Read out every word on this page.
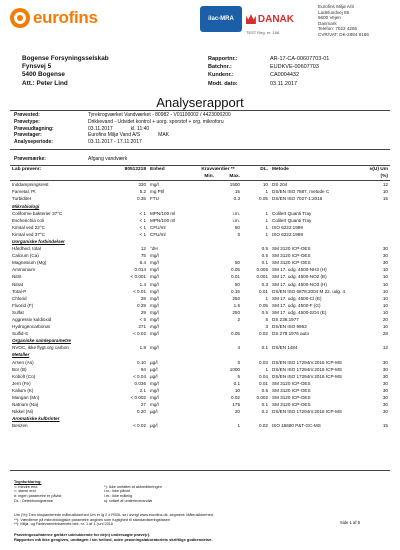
eurofins	ilac-MRA	DANAK
TEST Reg. nr. 168
Eurofins Miljø A/S
Ladelundvej 85
6600 Vejen
Danmark
Telefon: 7022 4266
CVR/VAT: DK-2884 8186
Bogense Forsyningsselskab
Fynsvej 5
5400 Bogense
Att.: Peter Lind
Rapportnr.:	AR-17-CA-00607703-01
Batchnr.:	EUDKVE-00607703
Kundenr.:	CA0004432
Modt. dato:	03.11.2017
Analyserapport
Prøvested:	Tyrekrogværket Vandværket - 80982 - V01100002 / 4423000200
Prøvetype:	Drikkevand - Udvidet kontrol + uorg. sporstof + org. mikroforu
Prøveudtagning:	03.11.2017	kl. 11:40
Prøvetager:	Eurofins Miljø Vand A/S	MAK
Analyseperiode:	03.11.2017 - 17.11.2017
Prøvemærke:	Afgang vandværk
Lab prøvenr:	80512218	Enhed	Kravværdier **		DL.	Metode	±(U) Um
			Min.	Max.			(%)
Inddampningsrest	330	mg/l		1500	10	DS 204	12
Farvetal, Pt	5.2	mg Pt/l		15	1	DS/EN ISO 7887, metode C	10
Turbiditet	0.35	FTU		0.3	0.05	DS/EN ISO 7027-1:2016	15
Mikrobiologi							
Coliforme bakterier 37°C	< 1	MPN/100 ml		i.m.	1	Colilert Quanti Tray	
Escherichia coli	< 1	MPN/100 ml		i.m.	1	Colilert Quanti Tray	
Kimtal ved 22°C	< 1	CFU/ml		50	1	ISO 6222:1999	
Kimtal ved 37°C	< 1	CFU/ml		5	1	ISO 6222:1999	
Uorganiske forbindelser							
Hårdhed, total	12	°dH			0.5	SM 3120 ICP-OES	30
Calcium (Ca)	75	mg/l			0.5	SM 3120 ICP-OES	30
Magnesium (Mg)	6.4	mg/l		50	0.1	SM 3120 ICP-OES	30
Ammonium	0.014	mg/l		0.05	0.005	SM 17. udg. 4500-NH3 (H)	10
Nitrit	< 0.001	mg/l		0.01	0.001	SM 17. udg. 4500-NO2 (B)	10
Nitrat	1.4	mg/l		50	0.3	SM 17. udg. 4500-NO3 (H)	10
Total-P	< 0.01	mg/l		0.15	0.01	DS/EN ISO 6878:2004 M 22. udg. 4	10
Chlorid	28	mg/l		250	1	SM 17. udg. 4500-Cl (E)	10
Fluorid (F)	0.29	mg/l		1.5	0.05	SM 17. udg. 4500-F (G)	10
Sulfat	29	mg/l		250	0.5	SM 17. udg. 4500-SO4 (E)	10
Aggressiv kuldioxid	< 5	mg/l		2	5	DS 236:1977	20
Hydrogencarbonat	271	mg/l			3	DS/EN ISO 9963	10
Sulfid-S	< 0.02	mg/l		0.05	0.02	DS 278:1976 auto	28
Organiske samleparametre							
NVOC, ikke flygt.org carbon	1.8	mg/l		4	0.1	DS/EN 1484	12
Metaller							
Arsen (As)	0.10	µg/l		5	0.03	DS/EN ISO 17294m:2016 ICP-MS	30
Bor (B)	94	µg/l		1000	1	DS/EN ISO 17294m:2016 ICP-MS	30
Kobolt (Co)	< 0.04	µg/l		5	0.04	DS/EN ISO 17294m:2016 ICP-MS	30
Jern (Fe)	0.036	mg/l		0.1	0.01	SM 3120 ICP-OES	30
Kalium (K)	2.1	mg/l		10	0.5	SM 3120 ICP-OES	30
Mangan (Mn)	< 0.002	mg/l		0.02	0.002	SM 3120 ICP-OES	30
Natrium (Na)	27	mg/l		175	0.1	SM 3120 ICP-OES	30
Nikkel (Ni)	0.20	µg/l		20	0.2	DS/EN ISO 17294m:2016 ICP-MS	30
Aromatiske kulbrinter							
Benzen	< 0.02	µg/l		1	0.02	ISO 15680 P&T-GC-MS	15
Tegnforklaring:
<: mindre end
>: større end
#: ingen parametre er påvist
DL.: Detektionsgrænse
*): Ikke omfattet af akkrediteringen
i.m.: ikke påvist
i.m.: ikke målelig
s): udført af underleverandør
Um (%): Den ekspanderede måleusikkerhed Um er ig 2 x RSDL se i øvrigt www.eurofins.dk, segment: Måleusikkerhed.
**): Værdierne på mikrobiologiske parametre angives som fugtighed til standardiseringsfasen
**): Miljø- og Fødevareministeriets bek. nr. 1 af 1. juni 2016	Side 1 af 5
Prøveingosultaterne gælder udelukkende for de(n) undersøgte prøve(r).
Rapporten må ikke gengives, undtagen i sin helhed, uden prøvningslaboratoriets skriftlige godkendelse.
